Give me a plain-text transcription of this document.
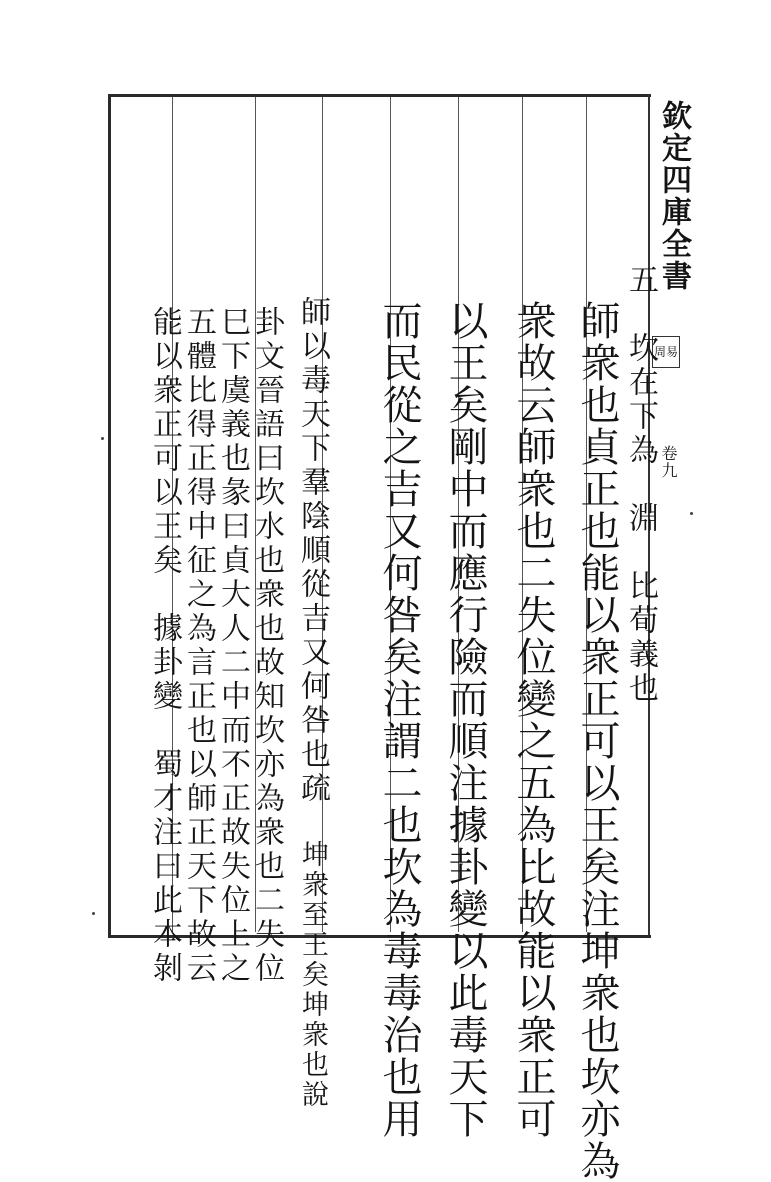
欽定四庫全書
周易
卷九

五　坎在下為淵　比荀義也

師衆也貞正也能以衆正可以王矣注坤衆也坎亦為

衆故云師衆也二失位變之五為比故能以衆正可

以王矣剛中而應行險而順注據卦變以此毒天下

而民從之吉又何咎矣注謂二也坎為毒毒治也用

師以毒天下羣陰順從吉又何咎也疏坤衆至王矣坤衆也說

卦文晉語曰坎水也衆也故知坎亦為衆也二失位

五體比得正得中征之為言正也以師正天下故云
巳下虞義也彖曰貞大人二中而不正故失位上之

能以衆正可以王矣據卦變蜀才注曰此本剝
